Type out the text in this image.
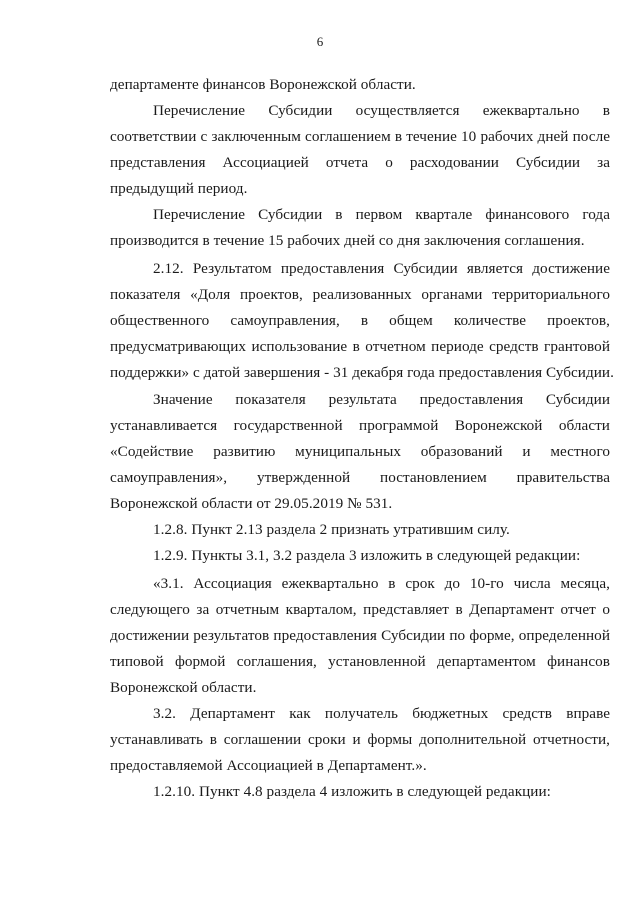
6
департаменте финансов Воронежской области.
Перечисление Субсидии осуществляется ежеквартально в
соответствии с заключенным соглашением в течение 10 рабочих дней после
представления Ассоциацией отчета о расходовании Субсидии за
предыдущий период.
Перечисление Субсидии в первом квартале финансового года
производится в течение 15 рабочих дней со дня заключения соглашения.
2.12. Результатом предоставления Субсидии является достижение
показателя «Доля проектов, реализованных органами территориального
общественного самоуправления, в общем количестве проектов,
предусматривающих использование в отчетном периоде средств грантовой
поддержки» с датой завершения - 31 декабря года предоставления Субсидии.
Значение показателя результата предоставления Субсидии
устанавливается государственной программой Воронежской области
«Содействие развитию муниципальных образований и местного
самоуправления», утвержденной постановлением правительства
Воронежской области от 29.05.2019 № 531.
1.2.8. Пункт 2.13 раздела 2 признать утратившим силу.
1.2.9. Пункты 3.1, 3.2 раздела 3 изложить в следующей редакции:
«3.1. Ассоциация ежеквартально в срок до 10-го числа месяца,
следующего за отчетным кварталом, представляет в Департамент отчет о
достижении результатов предоставления Субсидии по форме, определенной
типовой формой соглашения, установленной департаментом финансов
Воронежской области.
3.2. Департамент как получатель бюджетных средств вправе
устанавливать в соглашении сроки и формы дополнительной отчетности,
предоставляемой Ассоциацией в Департамент.».
1.2.10. Пункт 4.8 раздела 4 изложить в следующей редакции:
